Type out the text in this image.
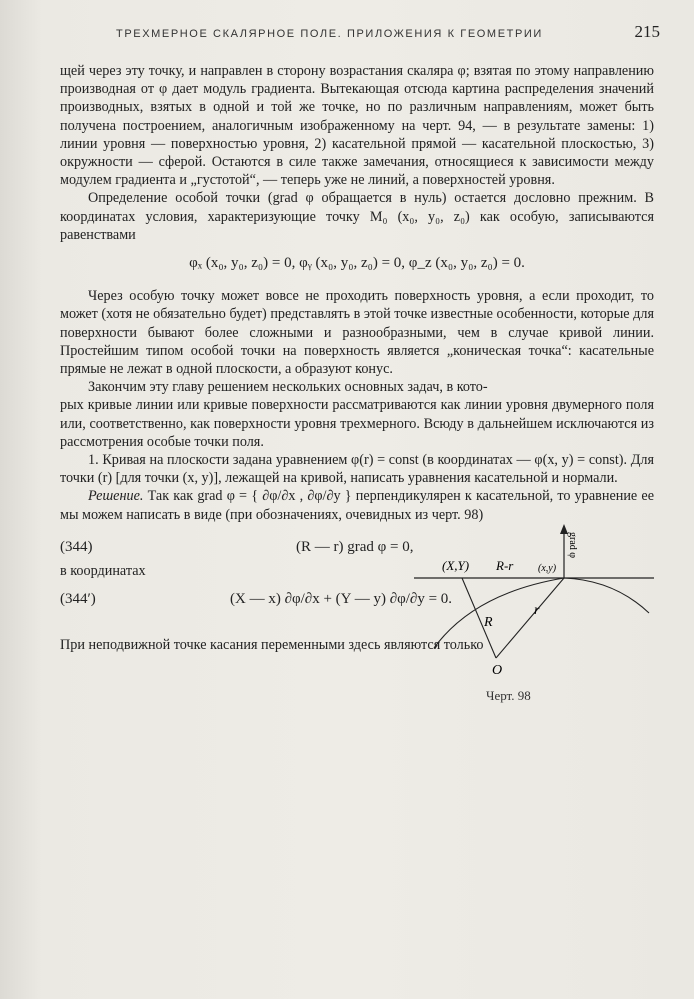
ТРЕХМЕРНОЕ СКАЛЯРНОЕ ПОЛЕ. ПРИЛОЖЕНИЯ К ГЕОМЕТРИИ	215

щей через эту точку, и направлен в сторону возрастания скаляра φ; взятая по этому направлению производная от φ дает модуль градиента. Вытекающая отсюда картина распределения значений производных, взятых в одной и той же точке, но по различным направлениям, может быть получена построением, аналогичным изображенному на черт. 94, — в результате замены: 1) линии уровня — поверхностью уровня, 2) касательной прямой — касательной плоскостью, 3) окружности — сферой. Остаются в силе также замечания, относящиеся к зависимости между модулем градиента и „густотой“, — теперь уже не линий, а поверхностей уровня.

Определение особой точки (grad φ обращается в нуль) остается дословно прежним. В координатах условия, характеризующие точку M₀ (x₀, y₀, z₀) как особую, записываются равенствами

φₓ (x₀, y₀, z₀) = 0, φᵧ (x₀, y₀, z₀) = 0, φ_z (x₀, y₀, z₀) = 0.

Через особую точку может вовсе не проходить поверхность уровня, а если проходит, то может (хотя не обязательно будет) представлять в этой точке известные особенности, которые для поверхности бывают более сложными и разнообразными, чем в случае кривой линии. Простейшим типом особой точки на поверхность является „коническая точка“: касательные прямые не лежат в одной плоскости, а образуют конус.

Закончим эту главу решением нескольких основных задач, в кото-

рых кривые линии или кривые поверхности рассматриваются как линии уровня двумерного поля или, соответственно, как поверхности уровня трехмерного. Всюду в дальнейшем исключаются из рассмотрения особые точки поля.

1. Кривая на плоскости задана уравнением φ(r) = const (в координатах — φ(x, y) = const). Для точки (r) [для точки (x, y)], лежащей на кривой, написать уравнения касательной и нормали.

Решение. Так как grad φ = { ∂φ/∂x , ∂φ/∂y } перпендикулярен к касательной, то уравнение ее мы можем написать в виде (при обозначениях, очевидных из черт. 98)

(344)	(R — r) grad φ = 0,

в координатах

(344′)	(X — x) ∂φ/∂x + (Y — y) ∂φ/∂y = 0.

При неподвижной точке касания переменными здесь являются только

(X,Y) R-r (x,y)
R
r
O
grad φ
Черт. 98
